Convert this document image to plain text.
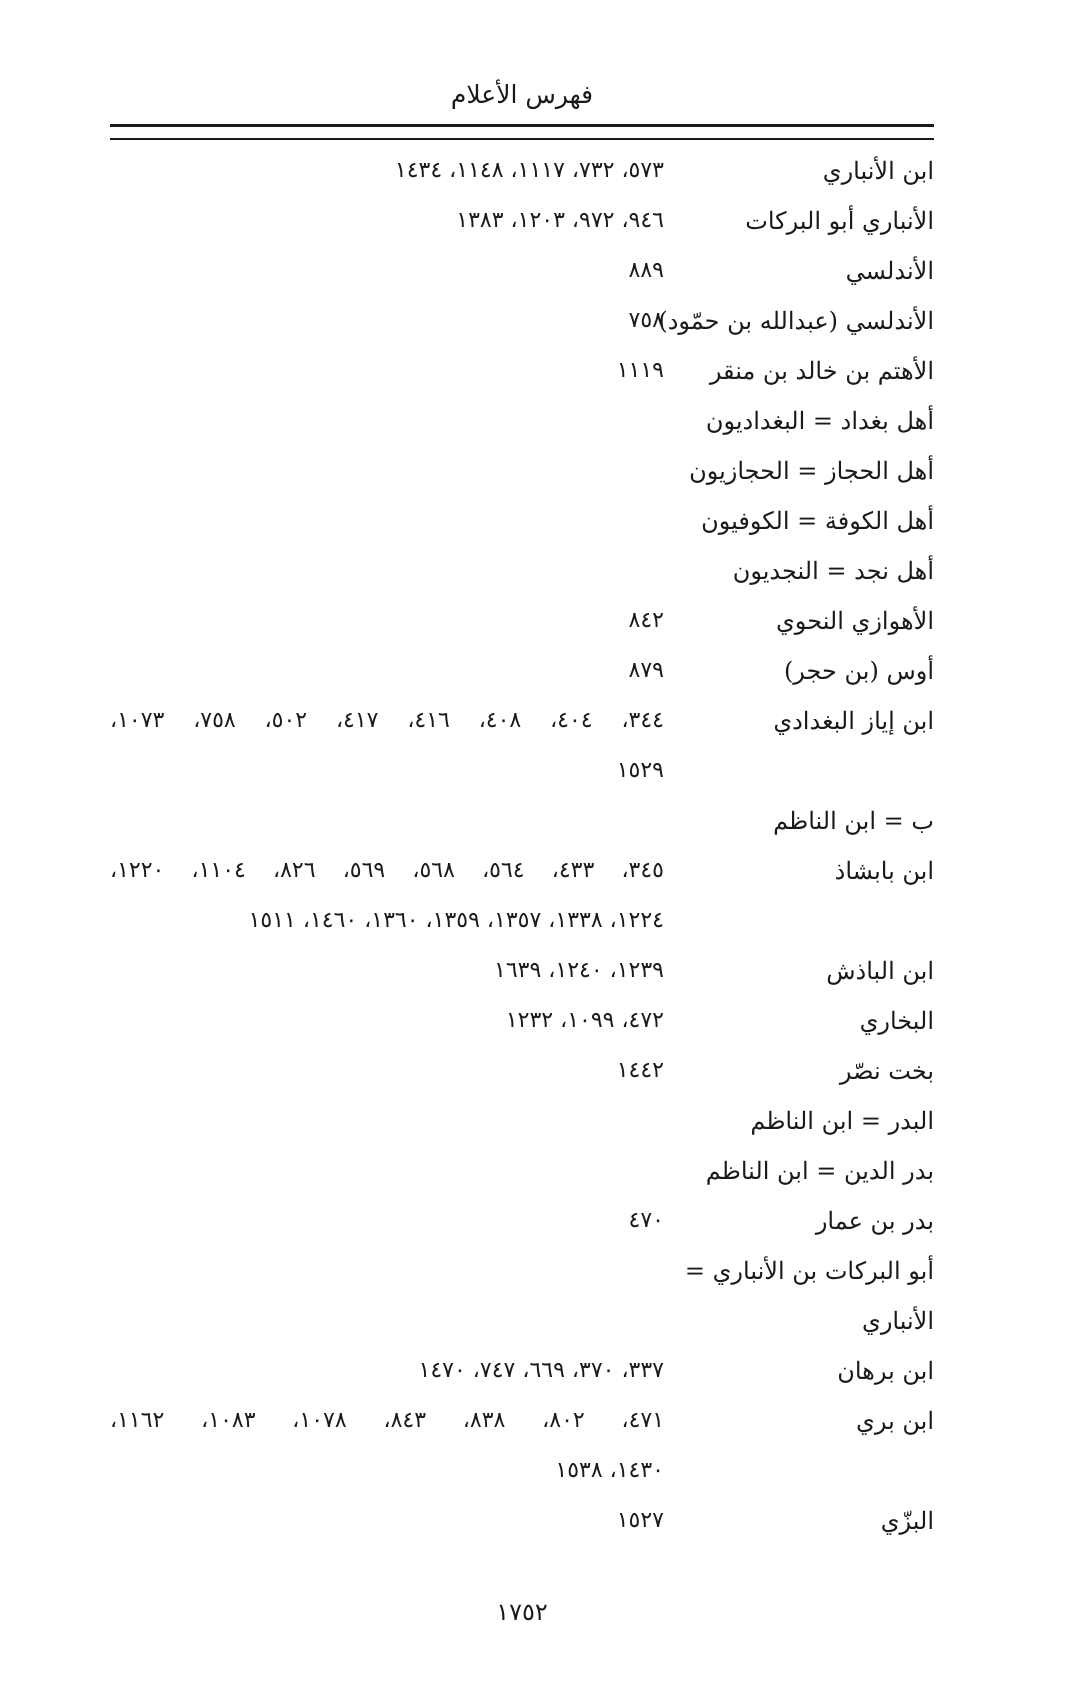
فهرس الأعلام
ابن الأنباري
٥٧٣، ٧٣٢، ١١١٧، ١١٤٨، ١٤٣٤
الأنباري أبو البركات
٩٤٦، ٩٧٢، ١٢٠٣، ١٣٨٣
الأندلسي
٨٨٩
الأندلسي (عبدالله بن حمّود)
٧٥٨
الأهتم بن خالد بن منقر
١١١٩
أهل بغداد = البغداديون
أهل الحجاز = الحجازيون
أهل الكوفة = الكوفيون
أهل نجد = النجديون
الأهوازي النحوي
٨٤٢
أوس (بن حجر)
٨٧٩
ابن إياز البغدادي
٣٤٤، ٤٠٤، ٤٠٨، ٤١٦، ٤١٧، ٥٠٢، ٧٥٨، ١٠٧٣،
١٥٢٩
ب = ابن الناظم
ابن بابشاذ
٣٤٥، ٤٣٣، ٥٦٤، ٥٦٨، ٥٦٩، ٨٢٦، ١١٠٤، ١٢٢٠،
١٢٢٤، ١٣٣٨، ١٣٥٧، ١٣٥٩، ١٣٦٠، ١٤٦٠، ١٥١١
ابن الباذش
١٢٣٩، ١٢٤٠، ١٦٣٩
البخاري
٤٧٢، ١٠٩٩، ١٢٣٢
بخت نصّر
١٤٤٢
البدر = ابن الناظم
بدر الدين = ابن الناظم
بدر بن عمار
٤٧٠
أبو البركات بن الأنباري =
الأنباري
ابن برهان
٣٣٧، ٣٧٠، ٦٦٩، ٧٤٧، ١٤٧٠
ابن بري
٤٧١، ٨٠٢، ٨٣٨، ٨٤٣، ١٠٧٨، ١٠٨٣، ١١٦٢،
١٤٣٠، ١٥٣٨
البزّي
١٥٢٧
١٧٥٢
